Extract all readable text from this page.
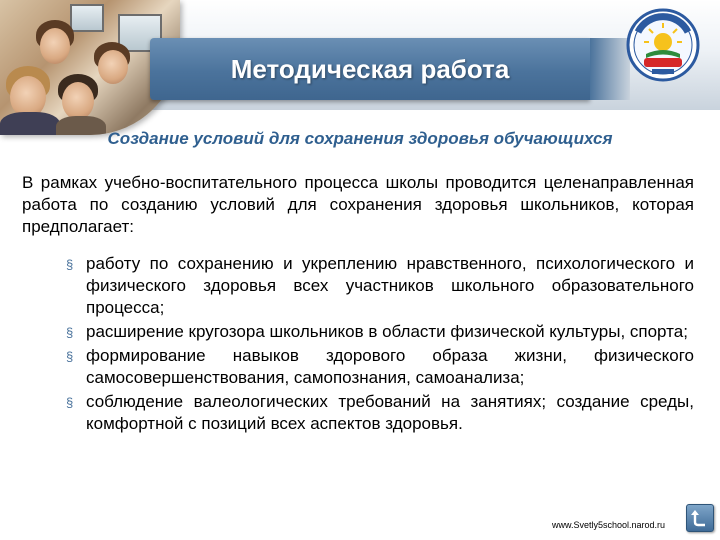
Методическая работа
Создание условий для сохранения здоровья обучающихся
В рамках учебно-воспитательного процесса школы проводится целенаправленная работа по созданию условий для сохранения здоровья школьников, которая предполагает:
§ работу по сохранению и укреплению нравственного, психологического и физического здоровья всех участников школьного образовательного процесса;
§ расширение кругозора школьников в области физической культуры, спорта;
§ формирование навыков здорового образа жизни, физического самосовершенствования, самопознания, самоанализа;
§ соблюдение валеологических требований на занятиях; создание среды, комфортной с позиций всех аспектов здоровья.
www.Svetly5school.narod.ru
